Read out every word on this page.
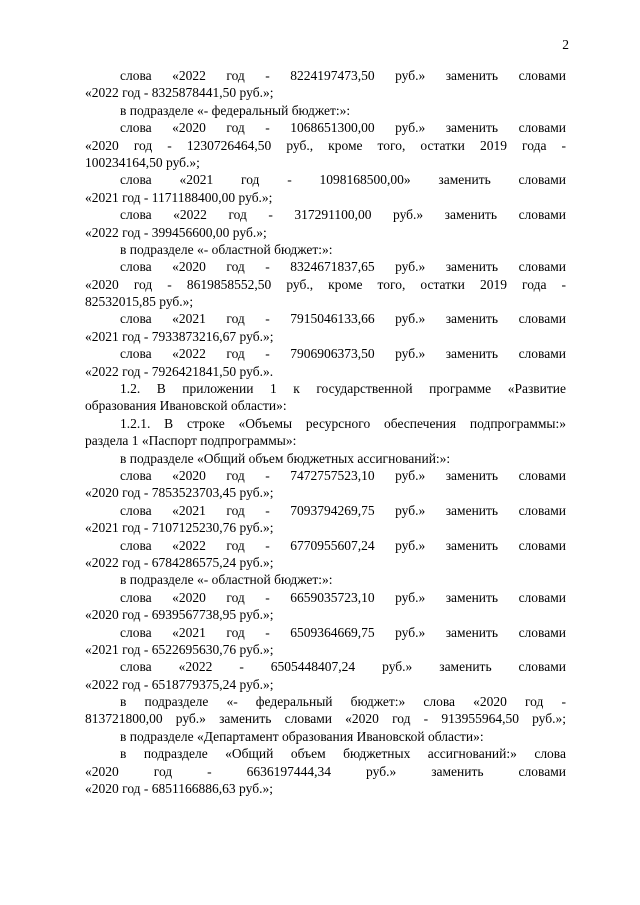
2
слова «2022 год - 8224197473,50 руб.» заменить словами
«2022 год - 8325878441,50 руб.»;
в подразделе «- федеральный бюджет:»:
слова «2020 год - 1068651300,00 руб.» заменить словами
«2020 год - 1230726464,50 руб., кроме того, остатки 2019 года -
100234164,50 руб.»;
слова «2021 год - 1098168500,00» заменить словами
«2021 год - 1171188400,00 руб.»;
слова «2022 год - 317291100,00 руб.» заменить словами
«2022 год - 399456600,00 руб.»;
в подразделе «- областной бюджет:»:
слова «2020 год - 8324671837,65 руб.» заменить словами
«2020 год - 8619858552,50 руб., кроме того, остатки 2019 года -
82532015,85 руб.»;
слова «2021 год - 7915046133,66 руб.» заменить словами
«2021 год - 7933873216,67 руб.»;
слова «2022 год - 7906906373,50 руб.» заменить словами
«2022 год - 7926421841,50 руб.».
1.2. В приложении 1 к государственной программе «Развитие
образования Ивановской области»:
1.2.1. В строке «Объемы ресурсного обеспечения подпрограммы:»
раздела 1 «Паспорт подпрограммы»:
в подразделе «Общий объем бюджетных ассигнований:»:
слова «2020 год - 7472757523,10 руб.» заменить словами
«2020 год - 7853523703,45 руб.»;
слова «2021 год - 7093794269,75 руб.» заменить словами
«2021 год - 7107125230,76 руб.»;
слова «2022 год - 6770955607,24 руб.» заменить словами
«2022 год - 6784286575,24 руб.»;
в подразделе «- областной бюджет:»:
слова «2020 год - 6659035723,10 руб.» заменить словами
«2020 год - 6939567738,95 руб.»;
слова «2021 год - 6509364669,75 руб.» заменить словами
«2021 год - 6522695630,76 руб.»;
слова «2022 - 6505448407,24 руб.» заменить словами
«2022 год - 6518779375,24 руб.»;
в подразделе «- федеральный бюджет:» слова «2020 год -
813721800,00 руб.» заменить словами «2020 год - 913955964,50 руб.»;
в подразделе «Департамент образования Ивановской области»:
в подразделе «Общий объем бюджетных ассигнований:» слова
«2020 год - 6636197444,34 руб.» заменить словами
«2020 год - 6851166886,63 руб.»;
